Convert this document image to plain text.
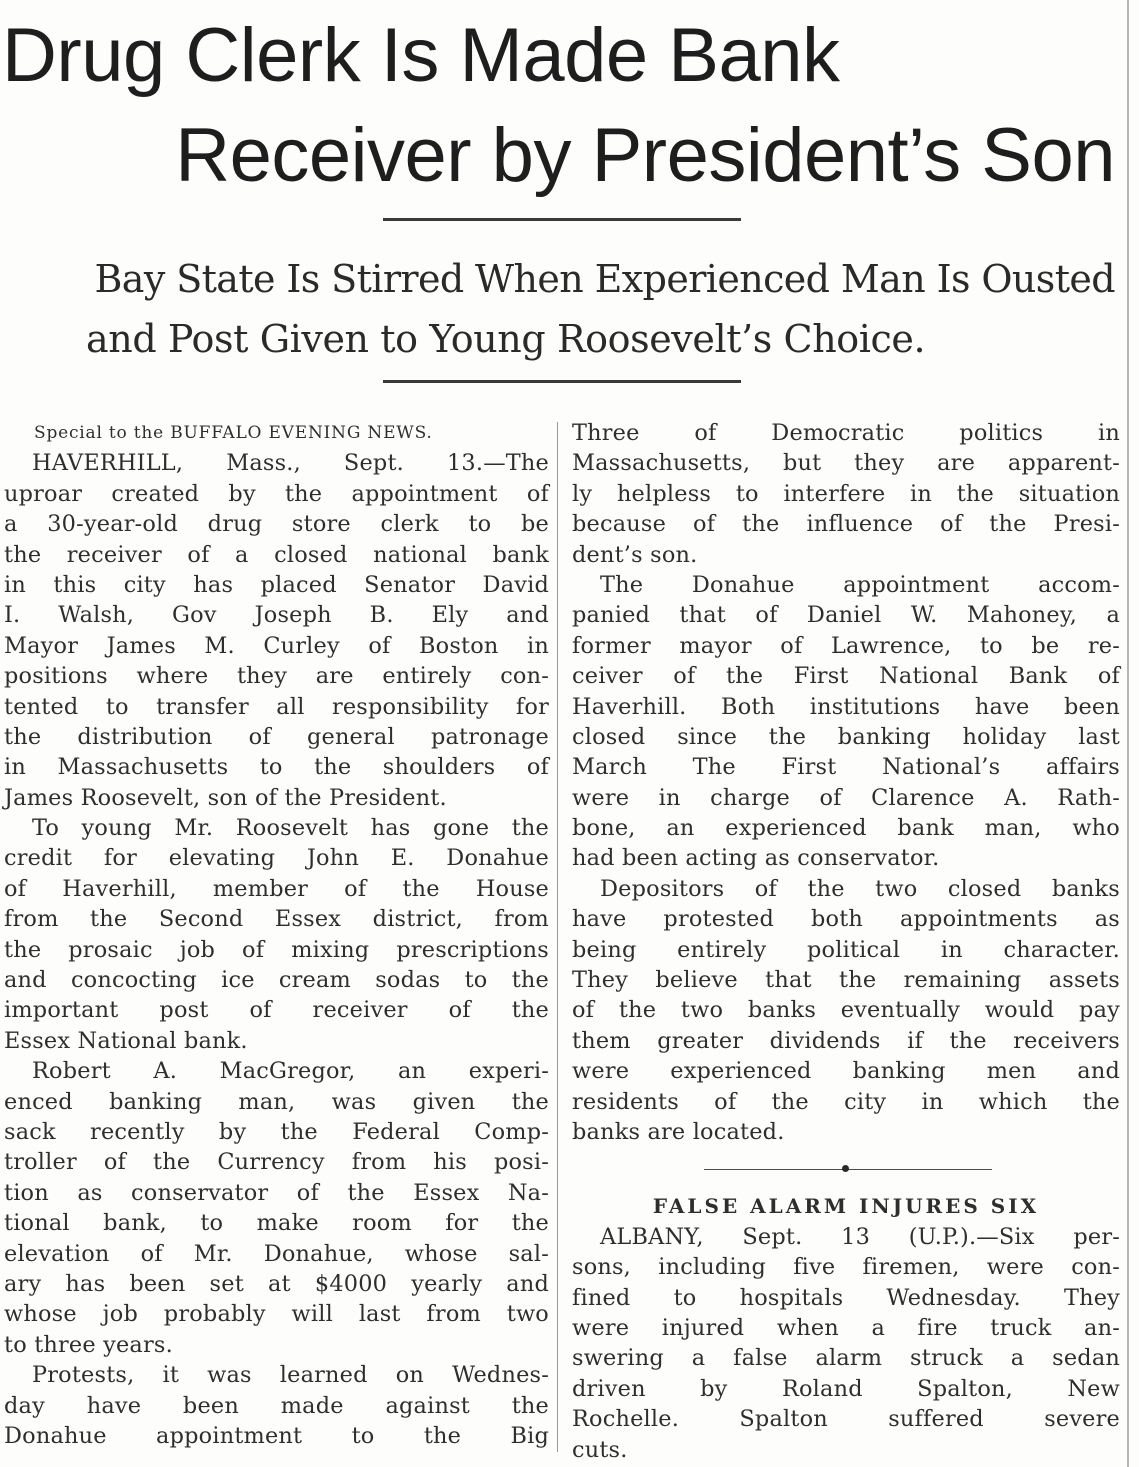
Drug Clerk Is Made Bank
Receiver by President’s Son
Bay State Is Stirred When Experienced Man Is Ousted
and Post Given to Young Roosevelt’s Choice.
Special to the BUFFALO EVENING NEWS.
HAVERHILL, Mass., Sept. 13.—The
uproar created by the appointment of
a 30-year-old drug store clerk to be
the receiver of a closed national bank
in this city has placed Senator David
I. Walsh, Gov Joseph B. Ely and
Mayor James M. Curley of Boston in
positions where they are entirely con-
tented to transfer all responsibility for
the distribution of general patronage
in Massachusetts to the shoulders of
James Roosevelt, son of the President.
To young Mr. Roosevelt has gone the
credit for elevating John E. Donahue
of Haverhill, member of the House
from the Second Essex district, from
the prosaic job of mixing prescriptions
and concocting ice cream sodas to the
important post of receiver of the
Essex National bank.
Robert A. MacGregor, an experi-
enced banking man, was given the
sack recently by the Federal Comp-
troller of the Currency from his posi-
tion as conservator of the Essex Na-
tional bank, to make room for the
elevation of Mr. Donahue, whose sal-
ary has been set at $4000 yearly and
whose job probably will last from two
to three years.
Protests, it was learned on Wednes-
day have been made against the
Donahue appointment to the Big
Three of Democratic politics in
Massachusetts, but they are apparent-
ly helpless to interfere in the situation
because of the influence of the Presi-
dent’s son.
The Donahue appointment accom-
panied that of Daniel W. Mahoney, a
former mayor of Lawrence, to be re-
ceiver of the First National Bank of
Haverhill. Both institutions have been
closed since the banking holiday last
March The First National’s affairs
were in charge of Clarence A. Rath-
bone, an experienced bank man, who
had been acting as conservator.
Depositors of the two closed banks
have protested both appointments as
being entirely political in character.
They believe that the remaining assets
of the two banks eventually would pay
them greater dividends if the receivers
were experienced banking men and
residents of the city in which the
banks are located.
FALSE ALARM INJURES SIX
ALBANY, Sept. 13 (U.P.).—Six per-
sons, including five firemen, were con-
fined to hospitals Wednesday. They
were injured when a fire truck an-
swering a false alarm struck a sedan
driven by Roland Spalton, New
Rochelle. Spalton suffered severe
cuts.
